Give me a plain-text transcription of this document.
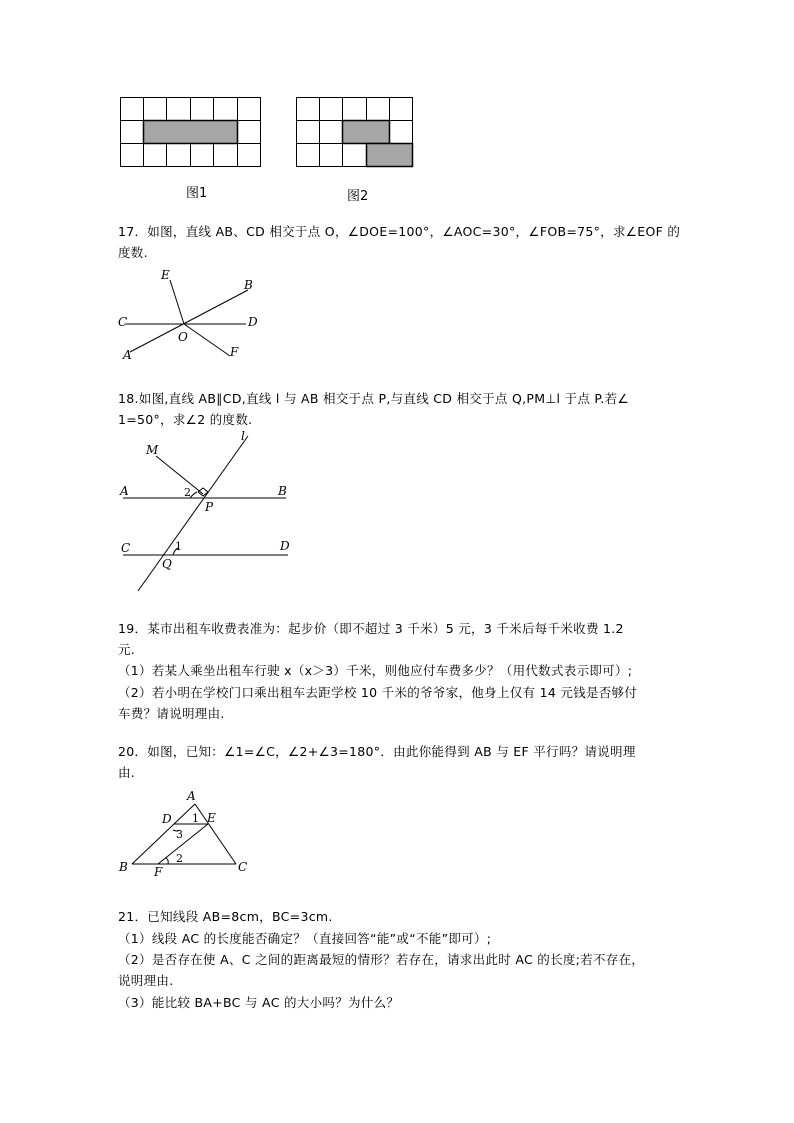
图1	图2
17．如图，直线 AB、CD 相交于点 O，∠DOE=100°，∠AOC=30°，∠FOB=75°，求∠EOF 的
度数.
E
B
C	D
O
A	F
18.如图,直线 AB∥CD,直线 l 与 AB 相交于点 P,与直线 CD 相交于点 Q,PM⊥l 于点 P.若∠
1=50°，求∠2 的度数.
l
M
A	2	B
P
C	1	D
Q
19．某市出租车收费表准为：起步价（即不超过 3 千米）5 元，3 千米后每千米收费 1.2
元.
（1）若某人乘坐出租车行驶 x（x＞3）千米，则他应付车费多少？（用代数式表示即可）;
（2）若小明在学校门口乘出租车去距学校 10 千米的爷爷家，他身上仅有 14 元钱是否够付
车费？请说明理由.
20．如图，已知：∠1=∠C，∠2+∠3=180°．由此你能得到 AB 与 EF 平行吗？请说明理
由.
A
D 1 E
3
2
B F	C
21．已知线段 AB=8cm，BC=3cm.
（1）线段 AC 的长度能否确定？（直接回答“能”或“不能”即可）;
（2）是否存在使 A、C 之间的距离最短的情形？若存在，请求出此时 AC 的长度;若不存在，
说明理由.
（3）能比较 BA+BC 与 AC 的大小吗？为什么？
